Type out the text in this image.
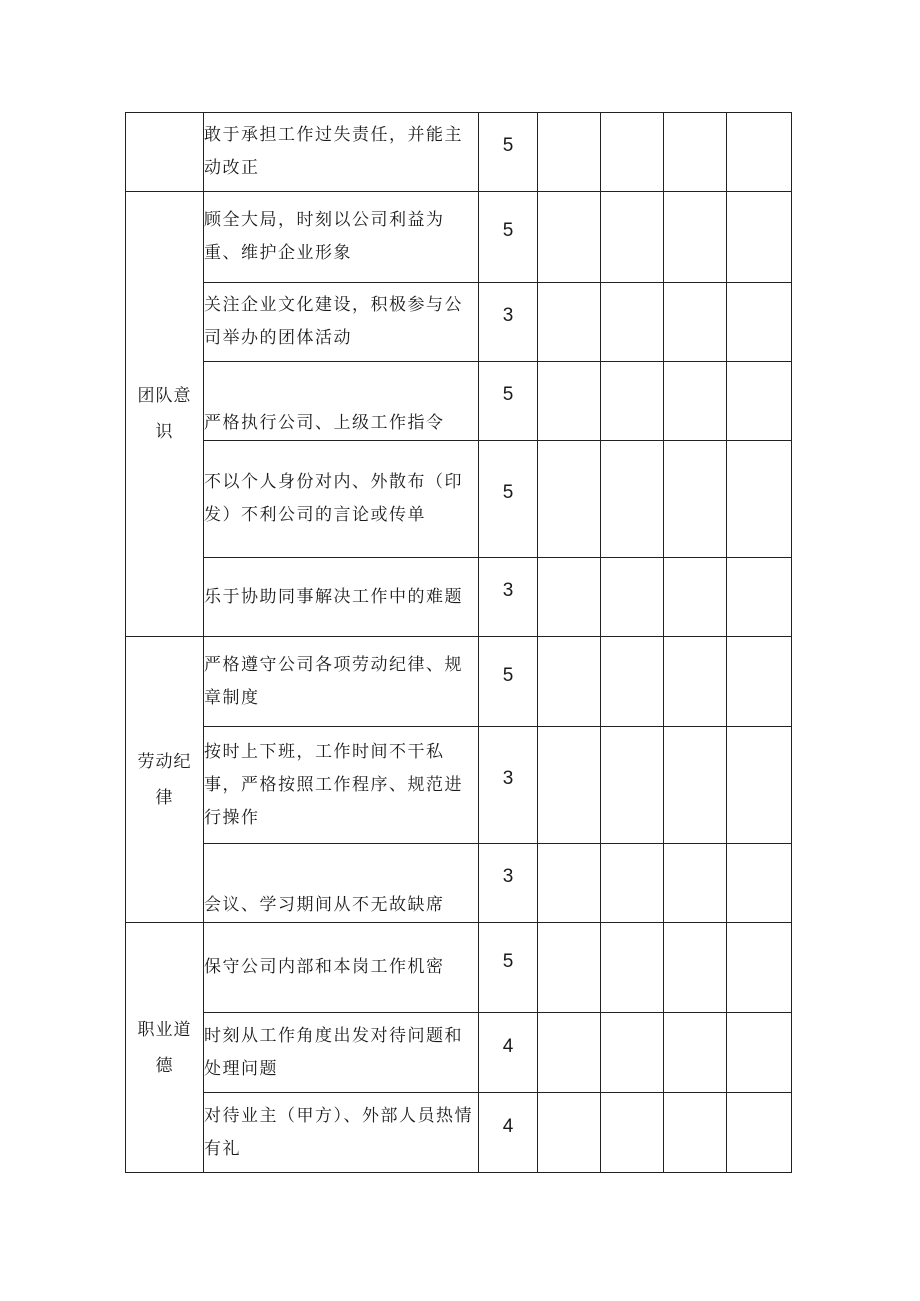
	敢于承担工作过失责任，并能主动改正	5				
团队意识	顾全大局，时刻以公司利益为重、维护企业形象	5				
	关注企业文化建设，积极参与公司举办的团体活动	3				
	严格执行公司、上级工作指令	5				
	不以个人身份对内、外散布（印发）不利公司的言论或传单	5				
	乐于协助同事解决工作中的难题	3				
劳动纪律	严格遵守公司各项劳动纪律、规章制度	5				
	按时上下班，工作时间不干私事，严格按照工作程序、规范进行操作	3				
	会议、学习期间从不无故缺席	3				
职业道德	保守公司内部和本岗工作机密	5				
	时刻从工作角度出发对待问题和处理问题	4				
	对待业主（甲方）、外部人员热情有礼	4				
